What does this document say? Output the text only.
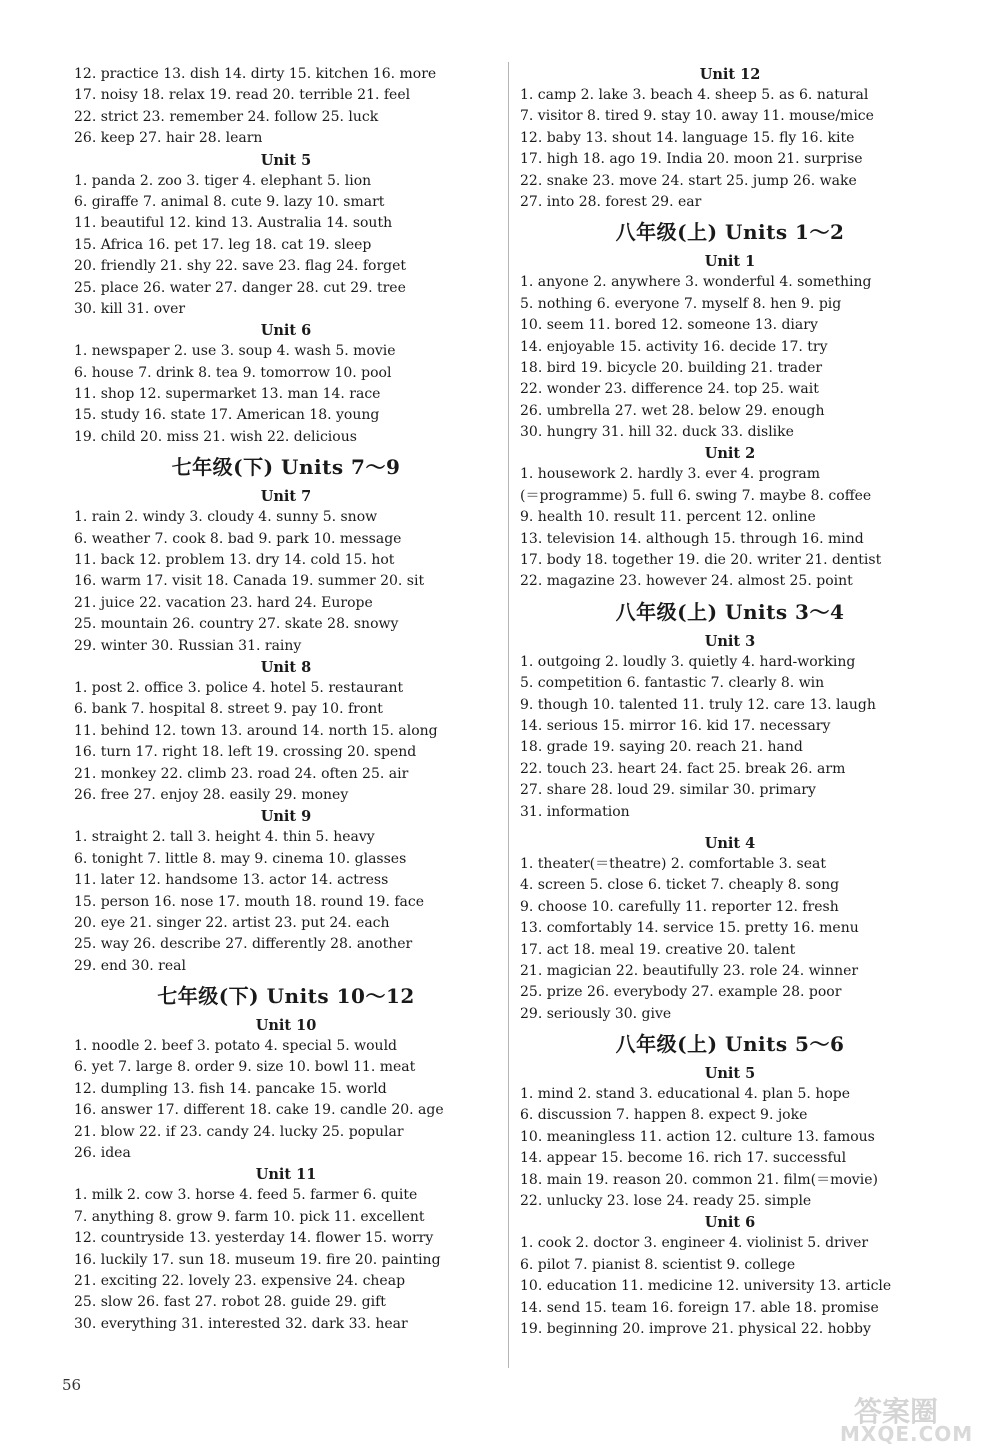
12. practice 13. dish 14. dirty 15. kitchen 16. more
17. noisy 18. relax 19. read 20. terrible 21. feel
22. strict 23. remember 24. follow 25. luck
26. keep 27. hair 28. learn
Unit 5
1. panda 2. zoo 3. tiger 4. elephant 5. lion
6. giraffe 7. animal 8. cute 9. lazy 10. smart
11. beautiful 12. kind 13. Australia 14. south
15. Africa 16. pet 17. leg 18. cat 19. sleep
20. friendly 21. shy 22. save 23. flag 24. forget
25. place 26. water 27. danger 28. cut 29. tree
30. kill 31. over
Unit 6
1. newspaper 2. use 3. soup 4. wash 5. movie
6. house 7. drink 8. tea 9. tomorrow 10. pool
11. shop 12. supermarket 13. man 14. race
15. study 16. state 17. American 18. young
19. child 20. miss 21. wish 22. delicious
七年级(下) Units 7～9
Unit 7
1. rain 2. windy 3. cloudy 4. sunny 5. snow
6. weather 7. cook 8. bad 9. park 10. message
11. back 12. problem 13. dry 14. cold 15. hot
16. warm 17. visit 18. Canada 19. summer 20. sit
21. juice 22. vacation 23. hard 24. Europe
25. mountain 26. country 27. skate 28. snowy
29. winter 30. Russian 31. rainy
Unit 8
1. post 2. office 3. police 4. hotel 5. restaurant
6. bank 7. hospital 8. street 9. pay 10. front
11. behind 12. town 13. around 14. north 15. along
16. turn 17. right 18. left 19. crossing 20. spend
21. monkey 22. climb 23. road 24. often 25. air
26. free 27. enjoy 28. easily 29. money
Unit 9
1. straight 2. tall 3. height 4. thin 5. heavy
6. tonight 7. little 8. may 9. cinema 10. glasses
11. later 12. handsome 13. actor 14. actress
15. person 16. nose 17. mouth 18. round 19. face
20. eye 21. singer 22. artist 23. put 24. each
25. way 26. describe 27. differently 28. another
29. end 30. real
七年级(下) Units 10～12
Unit 10
1. noodle 2. beef 3. potato 4. special 5. would
6. yet 7. large 8. order 9. size 10. bowl 11. meat
12. dumpling 13. fish 14. pancake 15. world
16. answer 17. different 18. cake 19. candle 20. age
21. blow 22. if 23. candy 24. lucky 25. popular
26. idea
Unit 11
1. milk 2. cow 3. horse 4. feed 5. farmer 6. quite
7. anything 8. grow 9. farm 10. pick 11. excellent
12. countryside 13. yesterday 14. flower 15. worry
16. luckily 17. sun 18. museum 19. fire 20. painting
21. exciting 22. lovely 23. expensive 24. cheap
25. slow 26. fast 27. robot 28. guide 29. gift
30. everything 31. interested 32. dark 33. hear
Unit 12
1. camp 2. lake 3. beach 4. sheep 5. as 6. natural
7. visitor 8. tired 9. stay 10. away 11. mouse/mice
12. baby 13. shout 14. language 15. fly 16. kite
17. high 18. ago 19. India 20. moon 21. surprise
22. snake 23. move 24. start 25. jump 26. wake
27. into 28. forest 29. ear
八年级(上) Units 1～2
Unit 1
1. anyone 2. anywhere 3. wonderful 4. something
5. nothing 6. everyone 7. myself 8. hen 9. pig
10. seem 11. bored 12. someone 13. diary
14. enjoyable 15. activity 16. decide 17. try
18. bird 19. bicycle 20. building 21. trader
22. wonder 23. difference 24. top 25. wait
26. umbrella 27. wet 28. below 29. enough
30. hungry 31. hill 32. duck 33. dislike
Unit 2
1. housework 2. hardly 3. ever 4. program
(＝programme) 5. full 6. swing 7. maybe 8. coffee
9. health 10. result 11. percent 12. online
13. television 14. although 15. through 16. mind
17. body 18. together 19. die 20. writer 21. dentist
22. magazine 23. however 24. almost 25. point
八年级(上) Units 3～4
Unit 3
1. outgoing 2. loudly 3. quietly 4. hard-working
5. competition 6. fantastic 7. clearly 8. win
9. though 10. talented 11. truly 12. care 13. laugh
14. serious 15. mirror 16. kid 17. necessary
18. grade 19. saying 20. reach 21. hand
22. touch 23. heart 24. fact 25. break 26. arm
27. share 28. loud 29. similar 30. primary
31. information
Unit 4
1. theater(＝theatre) 2. comfortable 3. seat
4. screen 5. close 6. ticket 7. cheaply 8. song
9. choose 10. carefully 11. reporter 12. fresh
13. comfortably 14. service 15. pretty 16. menu
17. act 18. meal 19. creative 20. talent
21. magician 22. beautifully 23. role 24. winner
25. prize 26. everybody 27. example 28. poor
29. seriously 30. give
八年级(上) Units 5～6
Unit 5
1. mind 2. stand 3. educational 4. plan 5. hope
6. discussion 7. happen 8. expect 9. joke
10. meaningless 11. action 12. culture 13. famous
14. appear 15. become 16. rich 17. successful
18. main 19. reason 20. common 21. film(＝movie)
22. unlucky 23. lose 24. ready 25. simple
Unit 6
1. cook 2. doctor 3. engineer 4. violinist 5. driver
6. pilot 7. pianist 8. scientist 9. college
10. education 11. medicine 12. university 13. article
14. send 15. team 16. foreign 17. able 18. promise
19. beginning 20. improve 21. physical 22. hobby
56
答案圈
MXQE.COM
